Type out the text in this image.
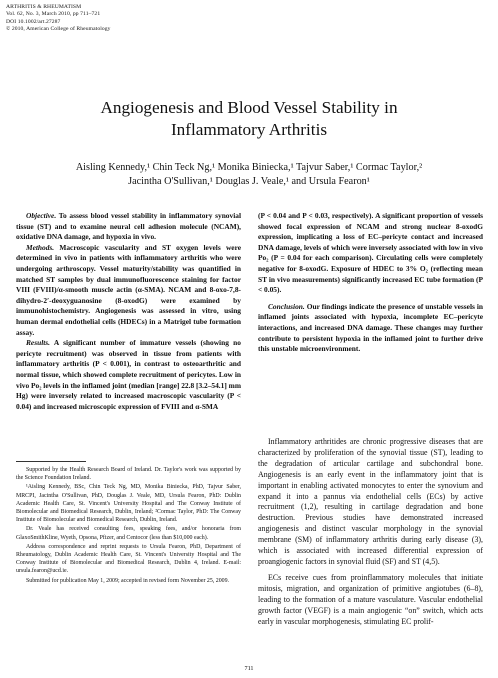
ARTHRITIS & RHEUMATISM
Vol. 62, No. 3, March 2010, pp 711–721
DOI 10.1002/art.27287
© 2010, American College of Rheumatology
Angiogenesis and Blood Vessel Stability in
Inflammatory Arthritis
Aisling Kennedy,¹ Chin Teck Ng,¹ Monika Biniecka,¹ Tajvur Saber,¹ Cormac Taylor,²
Jacintha O'Sullivan,¹ Douglas J. Veale,¹ and Ursula Fearon¹

Objective. To assess blood vessel stability in inflammatory synovial tissue (ST) and to examine neural cell adhesion molecule (NCAM), oxidative DNA damage, and hypoxia in vivo.

Methods. Macroscopic vascularity and ST oxygen levels were determined in vivo in patients with inflammatory arthritis who were undergoing arthroscopy. Vessel maturity/stability was quantified in matched ST samples by dual immunofluorescence staining for factor VIII (FVIII)/α-smooth muscle actin (α-SMA). NCAM and 8-oxo-7,8-dihydro-2′-deoxyguanosine (8-oxodG) were examined by immunohistochemistry. Angiogenesis was assessed in vitro, using human dermal endothelial cells (HDECs) in a Matrigel tube formation assay.

Results. A significant number of immature vessels (showing no pericyte recruitment) was observed in tissue from patients with inflammatory arthritis (P < 0.001), in contrast to osteoarthritic and normal tissue, which showed complete recruitment of pericytes. Low in vivo Po₂ levels in the inflamed joint (median [range] 22.8 [3.2–54.1] mm Hg) were inversely related to increased macroscopic vascularity (P < 0.04) and increased microscopic expression of FVIII and α-SMA

(P < 0.04 and P < 0.03, respectively). A significant proportion of vessels showed focal expression of NCAM and strong nuclear 8-oxodG expression, implicating a loss of EC–pericyte contact and increased DNA damage, levels of which were inversely associated with low in vivo Po₂ (P = 0.04 for each comparison). Circulating cells were completely negative for 8-oxodG. Exposure of HDEC to 3% O₂ (reflecting mean ST in vivo measurements) significantly increased EC tube formation (P < 0.05).

Conclusion. Our findings indicate the presence of unstable vessels in inflamed joints associated with hypoxia, incomplete EC–pericyte interactions, and increased DNA damage. These changes may further contribute to persistent hypoxia in the inflamed joint to further drive this unstable microenvironment.

Inflammatory arthritides are chronic progressive diseases that are characterized by proliferation of the synovial tissue (ST), leading to the degradation of articular cartilage and subchondral bone. Angiogenesis is an early event in the inflammatory joint that is important in enabling activated monocytes to enter the synovium and expand it into a pannus via endothelial cells (ECs) by active recruitment (1,2), resulting in cartilage degradation and bone destruction. Previous studies have demonstrated increased angiogenesis and distinct vascular morphology in the synovial membrane (SM) of inflammatory arthritis during early disease (3), which is associated with increased differential expression of proangiogenic factors in synovial fluid (SF) and ST (4,5).

ECs receive cues from proinflammatory molecules that initiate mitosis, migration, and organization of primitive angiotubes (6–8), leading to the formation of a mature vasculature. Vascular endothelial growth factor (VEGF) is a main angiogenic “on” switch, which acts early in vascular morphogenesis, stimulating EC prolif-

Supported by the Health Research Board of Ireland. Dr. Taylor's work was supported by the Science Foundation Ireland.

¹Aisling Kennedy, BSc, Chin Teck Ng, MD, Monika Biniecka, PhD, Tajvur Saber, MRCPI, Jacintha O'Sullivan, PhD, Douglas J. Veale, MD, Ursula Fearon, PhD: Dublin Academic Health Care, St. Vincent's University Hospital and The Conway Institute of Biomolecular and Biomedical Research, Dublin, Ireland; ²Cormac Taylor, PhD: The Conway Institute of Biomolecular and Biomedical Research, Dublin, Ireland.

Dr. Veale has received consulting fees, speaking fees, and/or honoraria from GlaxoSmithKline, Wyeth, Opsona, Pfizer, and Centocor (less than $10,000 each).

Address correspondence and reprint requests to Ursula Fearon, PhD, Department of Rheumatology, Dublin Academic Health Care, St. Vincent's University Hospital and The Conway Institute of Biomolecular and Biomedical Research, Dublin 4, Ireland. E-mail: ursula.fearon@ucd.ie.

Submitted for publication May 1, 2009; accepted in revised form November 25, 2009.

711
